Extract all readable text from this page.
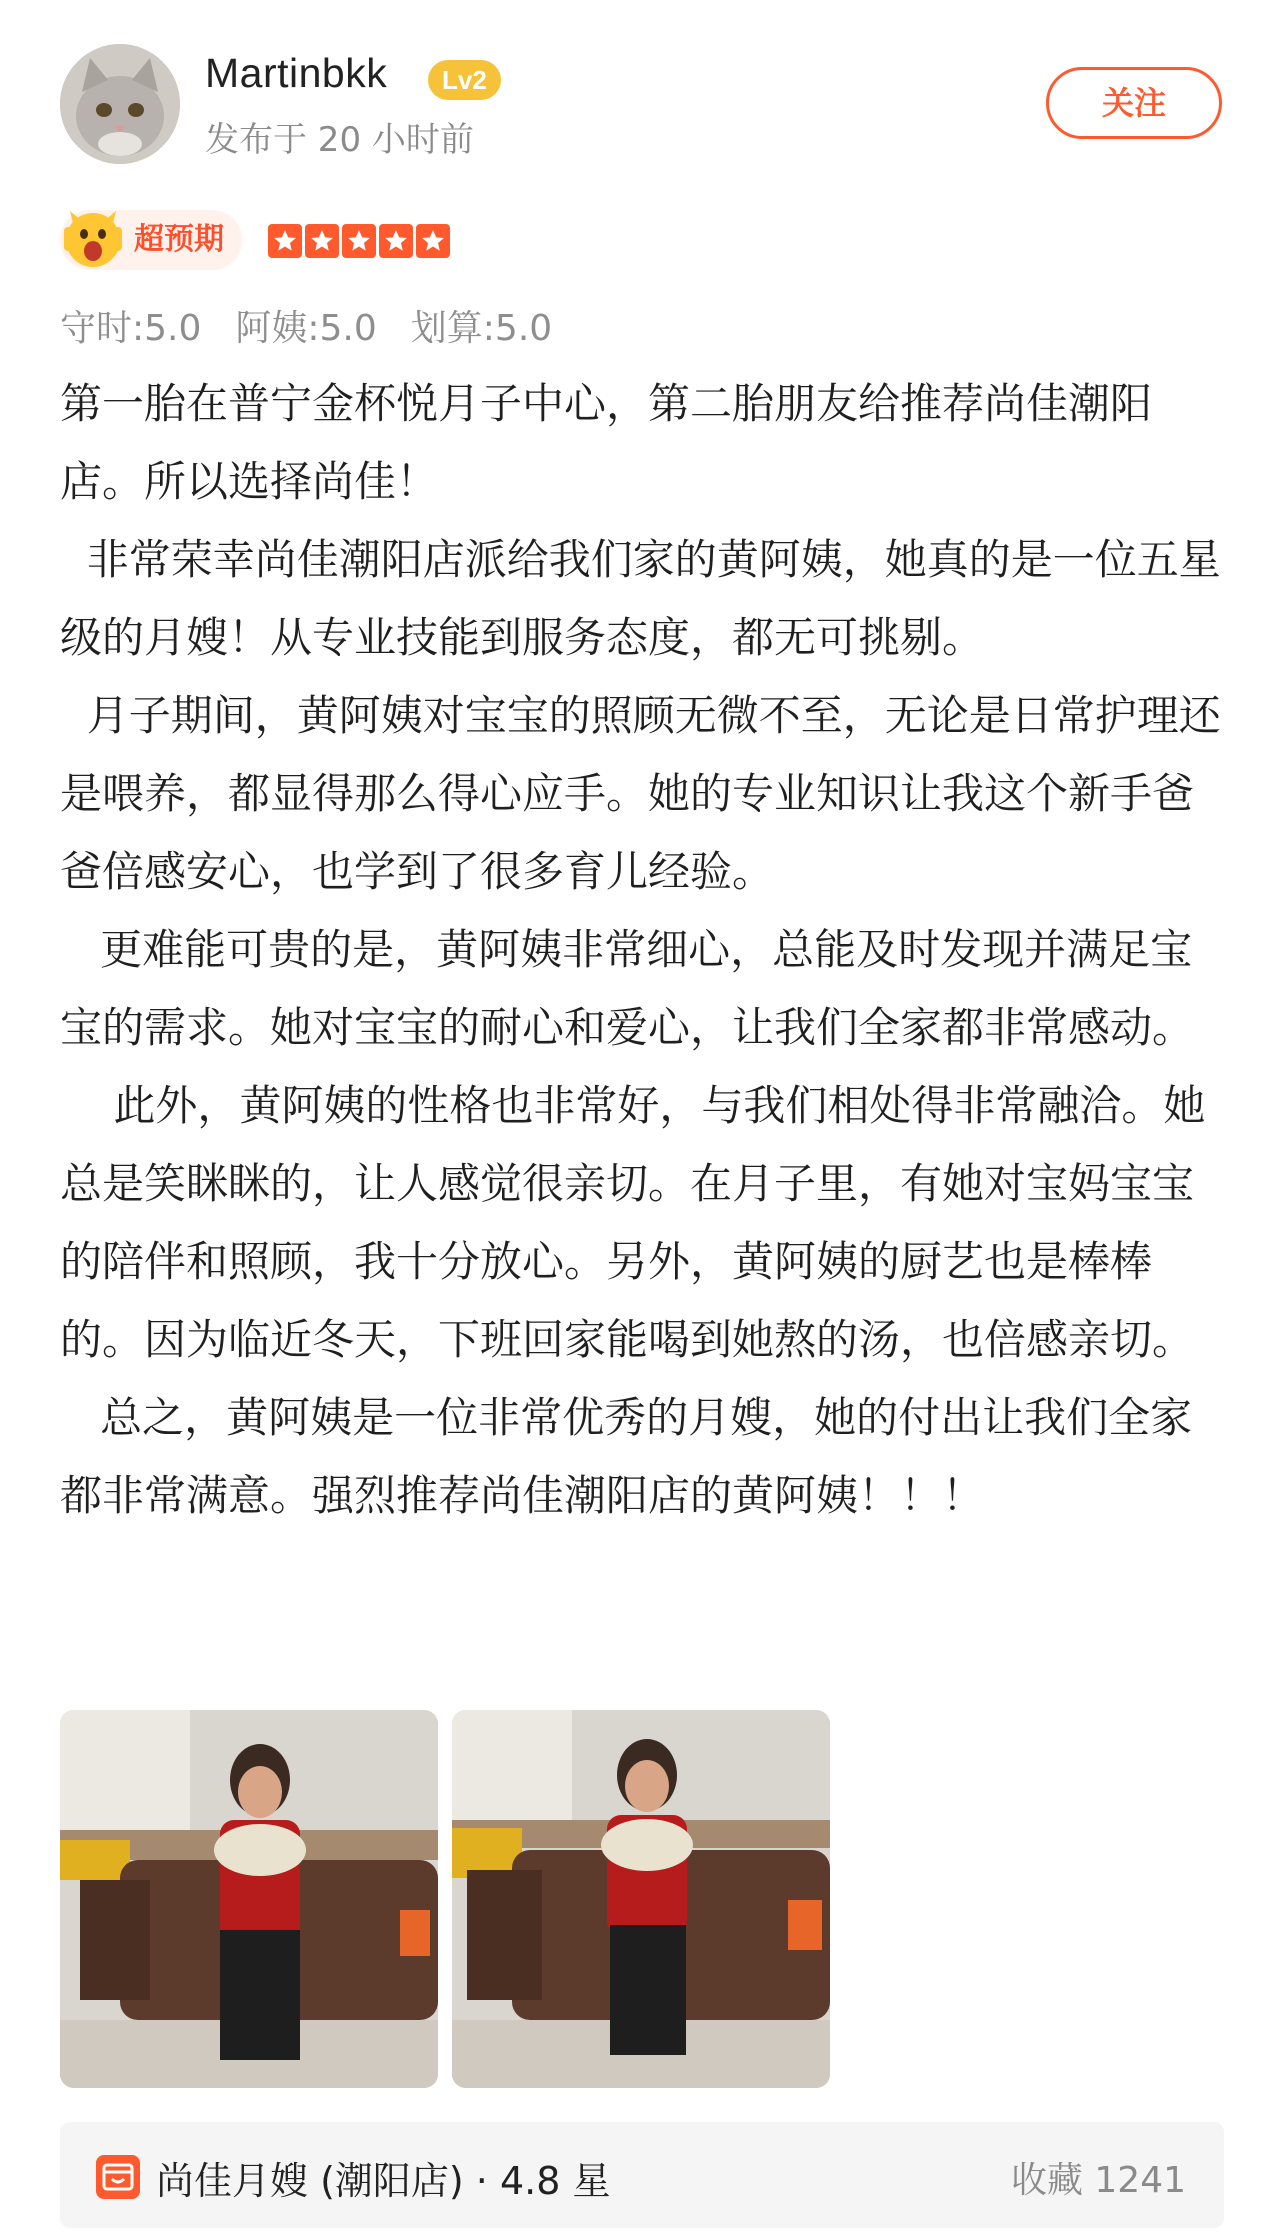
Martinbkk	Lv2
发布于 20 小时前
关注
超预期
守时:5.0 阿姨:5.0 划算:5.0

第一胎在普宁金杯悦月子中心，第二胎朋友给推荐尚佳潮阳店。所以选择尚佳！

非常荣幸尚佳潮阳店派给我们家的黄阿姨，她真的是一位五星级的月嫂！从专业技能到服务态度，都无可挑剔。

月子期间，黄阿姨对宝宝的照顾无微不至，无论是日常护理还是喂养，都显得那么得心应手。她的专业知识让我这个新手爸爸倍感安心，也学到了很多育儿经验。

更难能可贵的是，黄阿姨非常细心，总能及时发现并满足宝宝的需求。她对宝宝的耐心和爱心，让我们全家都非常感动。

此外，黄阿姨的性格也非常好，与我们相处得非常融洽。她总是笑眯眯的，让人感觉很亲切。在月子里，有她对宝妈宝宝的陪伴和照顾，我十分放心。另外，黄阿姨的厨艺也是棒棒的。因为临近冬天，下班回家能喝到她熬的汤，也倍感亲切。

总之，黄阿姨是一位非常优秀的月嫂，她的付出让我们全家都非常满意。强烈推荐尚佳潮阳店的黄阿姨！！！

尚佳月嫂 (潮阳店) · 4.8 星	收藏 1241
